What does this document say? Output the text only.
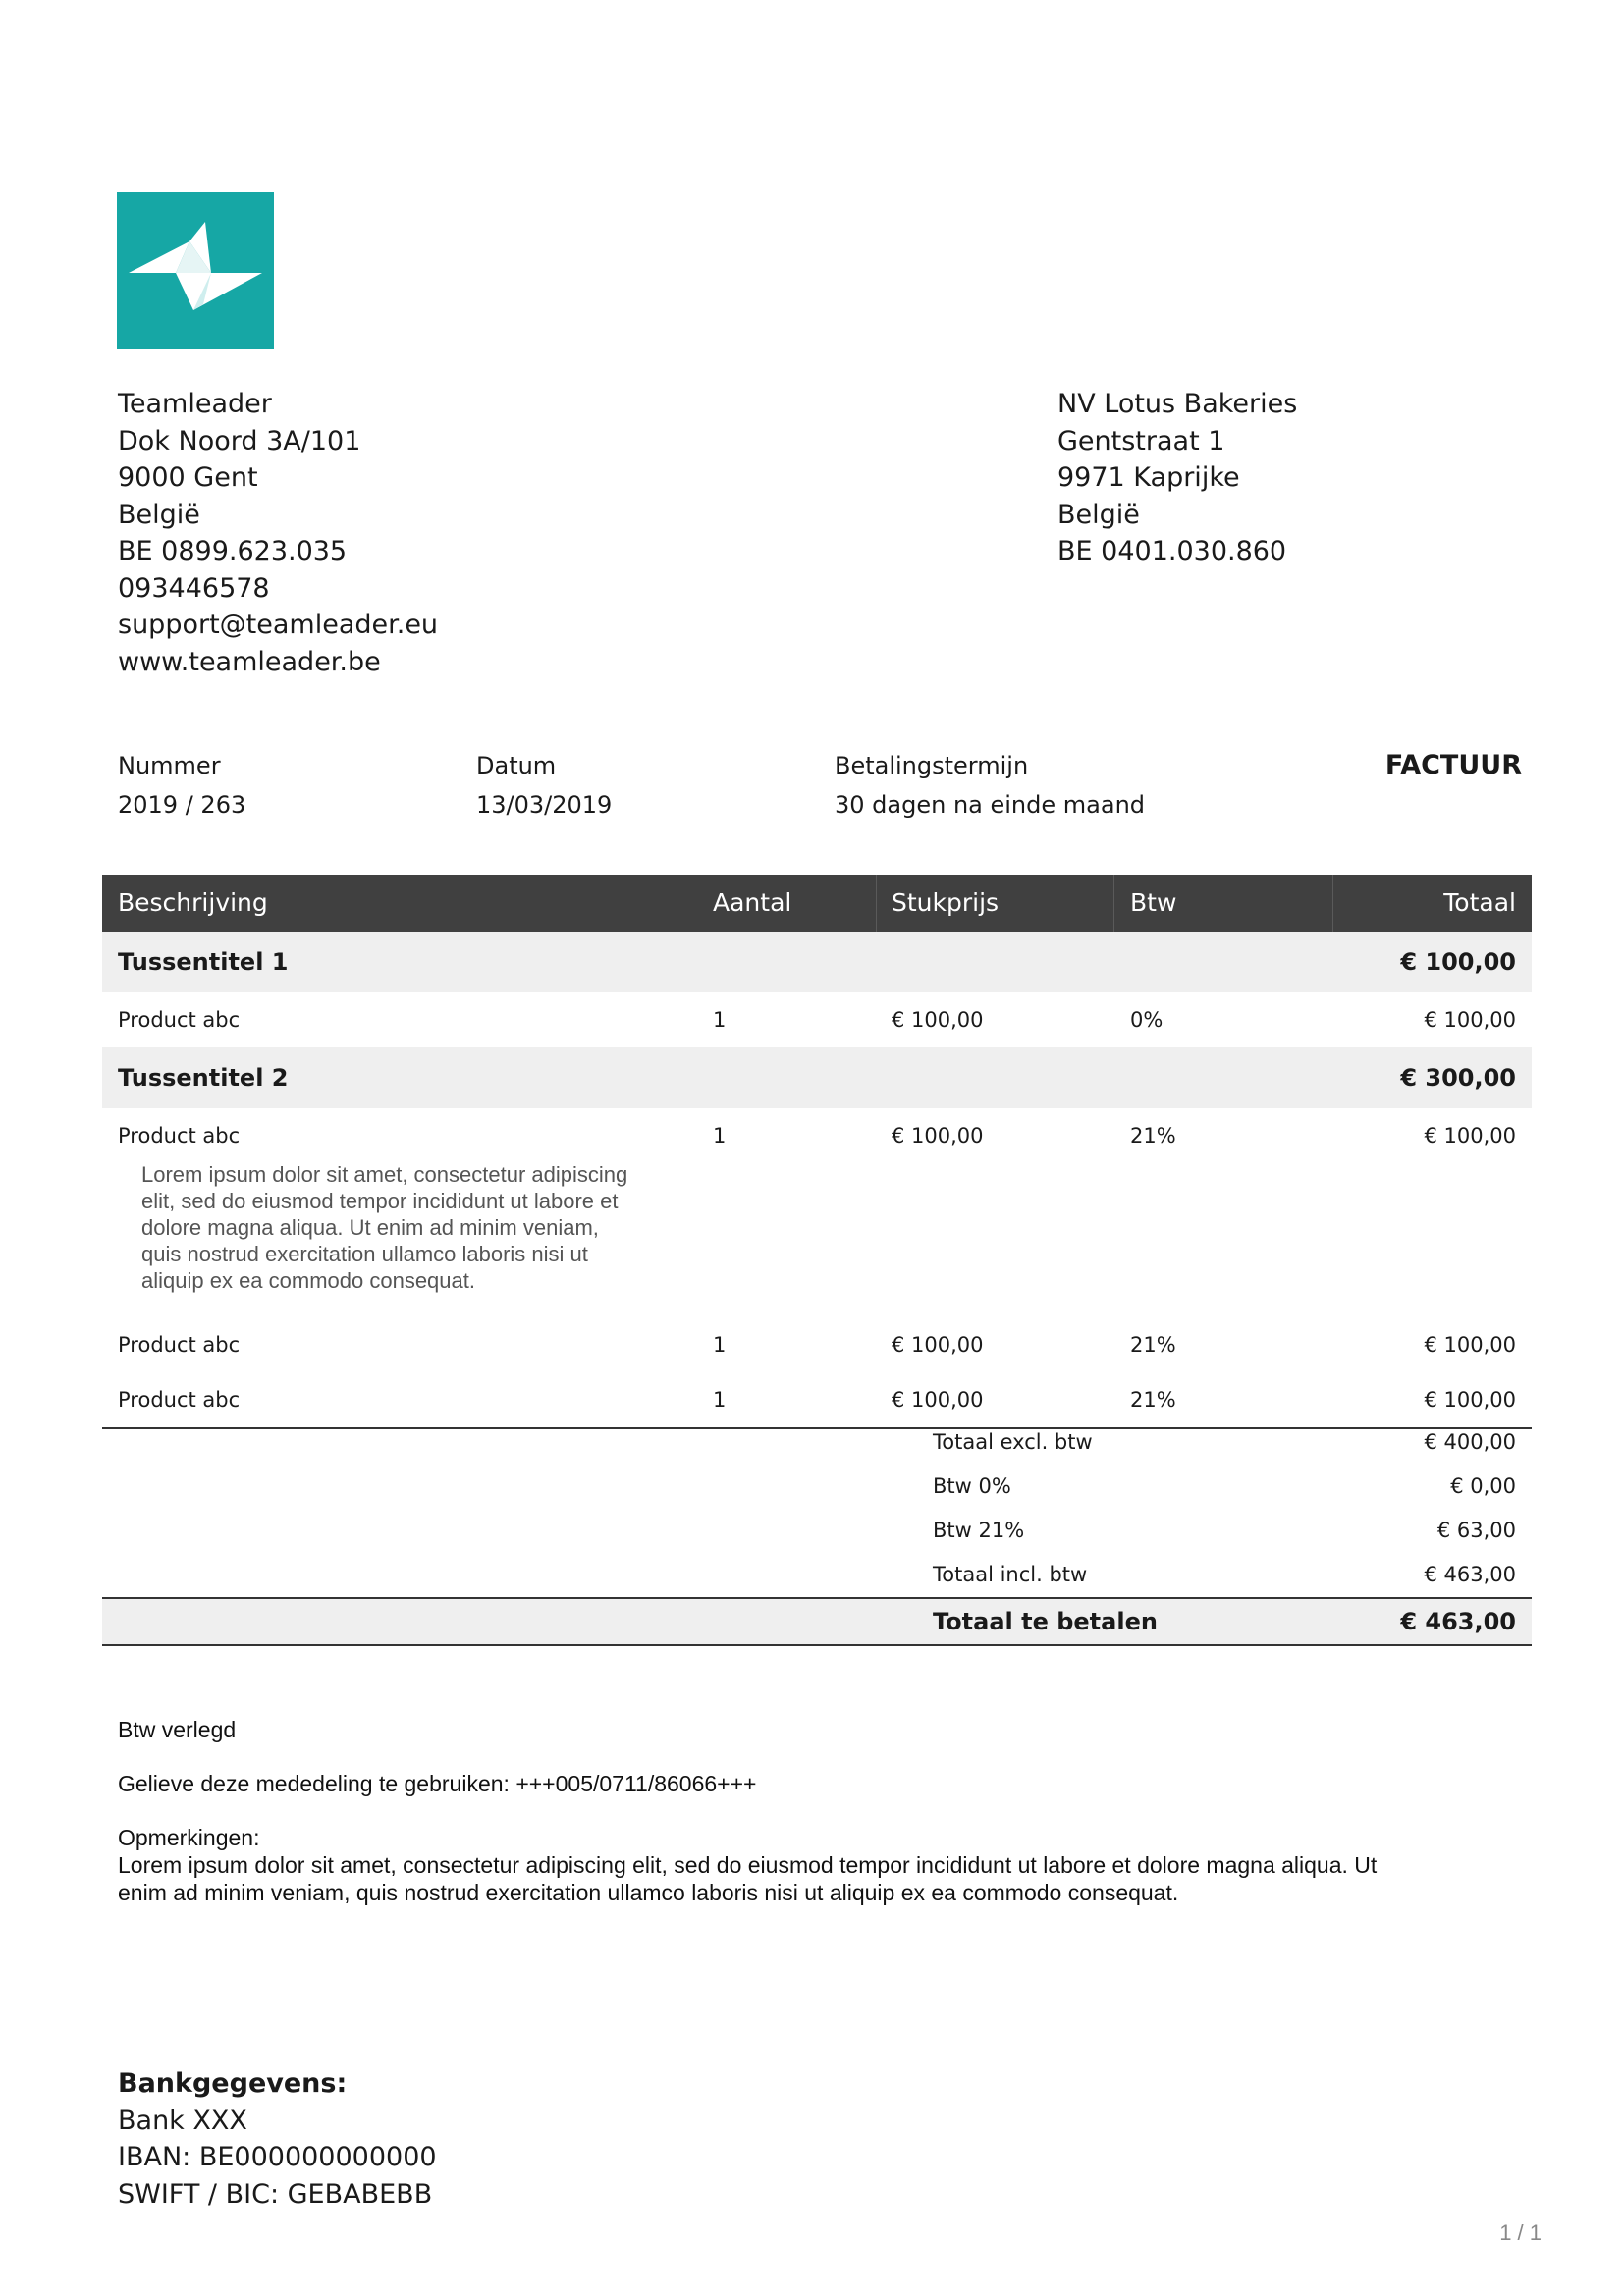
Teamleader
Dok Noord 3A/101
9000 Gent
België
BE 0899.623.035
093446578
support@teamleader.eu
www.teamleader.be
NV Lotus Bakeries
Gentstraat 1
9971 Kaprijke
België
BE 0401.030.860
Nummer
2019 / 263
Datum
13/03/2019
Betalingstermijn
30 dagen na einde maand
FACTUUR
Beschrijving	Aantal	Stukprijs	Btw	Totaal
Tussentitel 1	€ 100,00
Product abc	1	€ 100,00	0%	€ 100,00
Tussentitel 2	€ 300,00
Product abc	1	€ 100,00	21%	€ 100,00
Lorem ipsum dolor sit amet, consectetur adipiscing
elit, sed do eiusmod tempor incididunt ut labore et
dolore magna aliqua. Ut enim ad minim veniam,
quis nostrud exercitation ullamco laboris nisi ut
aliquip ex ea commodo consequat.
Product abc	1	€ 100,00	21%	€ 100,00
Product abc	1	€ 100,00	21%	€ 100,00
Totaal excl. btw	€ 400,00
Btw 0%	€ 0,00
Btw 21%	€ 63,00
Totaal incl. btw	€ 463,00
Totaal te betalen	€ 463,00
Btw verlegd
Gelieve deze mededeling te gebruiken: +++005/0711/86066+++
Opmerkingen:
Lorem ipsum dolor sit amet, consectetur adipiscing elit, sed do eiusmod tempor incididunt ut labore et dolore magna aliqua. Ut
enim ad minim veniam, quis nostrud exercitation ullamco laboris nisi ut aliquip ex ea commodo consequat.
Bankgegevens:
Bank XXX
IBAN: BE000000000000
SWIFT / BIC: GEBABEBB
1 / 1
